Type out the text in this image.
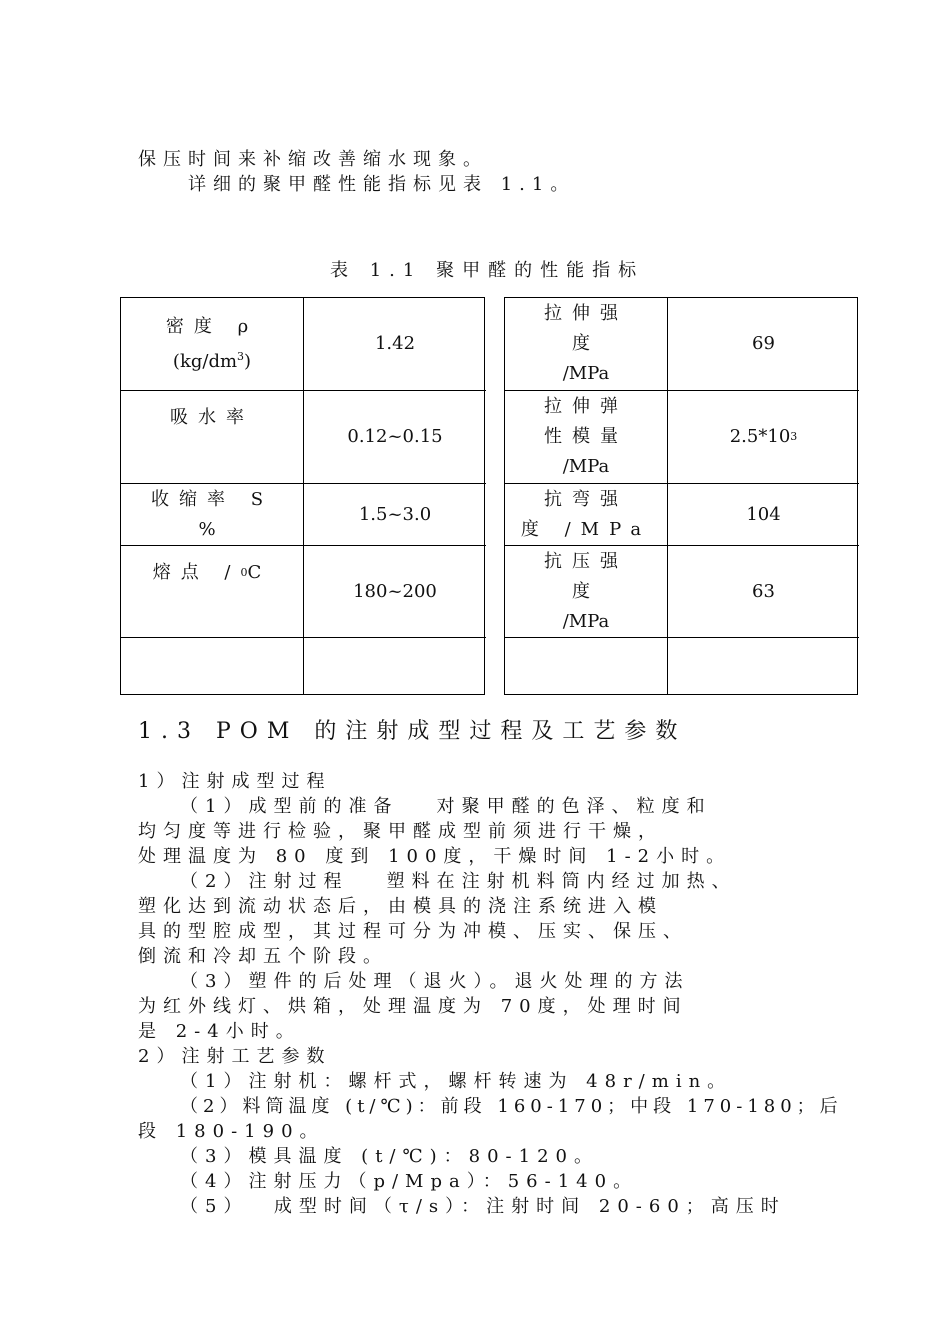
保压时间来补缩改善缩水现象。
详细的聚甲醛性能指标见表 1.1。
表 1.1 聚甲醛的性能指标
密度 ρ
$(kg/dm^3)$
1.42
吸水率
0.12~0.15
收缩率 S
%
1.5~3.0
熔点 / 0 C
180~200
拉伸强
度
/MPa
69
拉伸弹
性模量
/MPa
2.5*10 3
抗弯强
度 /MPa
104
抗压强
度
/MPa
63
1.3 POM 的注射成型过程及工艺参数
1）注射成型过程
（1）成型前的准备   对聚甲醛的色泽、粒度和
均匀度等进行检验，聚甲醛成型前须进行干燥，
处理温度为 80 度到 100度，干燥时间 1-2小时。
（2）注射过程   塑料在注射机料筒内经过加热、
塑化达到流动状态后，由模具的浇注系统进入模
具的型腔成型，其过程可分为冲模、压实、保压、
倒流和冷却五个阶段。
（3）塑件的后处理（退火）。退火处理的方法
为红外线灯、烘箱，处理温度为 70度，处理时间
是 2-4小时。
2）注射工艺参数
（1）注射机：螺杆式，螺杆转速为 48r/min。
（2）料筒温度 (t/℃)：前段 160-170；中段 170-180；后
段 180-190。
（3）模具温度 (t/℃)：80-120。
（4）注射压力（p/Mpa）：56-140。
（5）  成型时间（τ/s）：注射时间 20-60；高压时
